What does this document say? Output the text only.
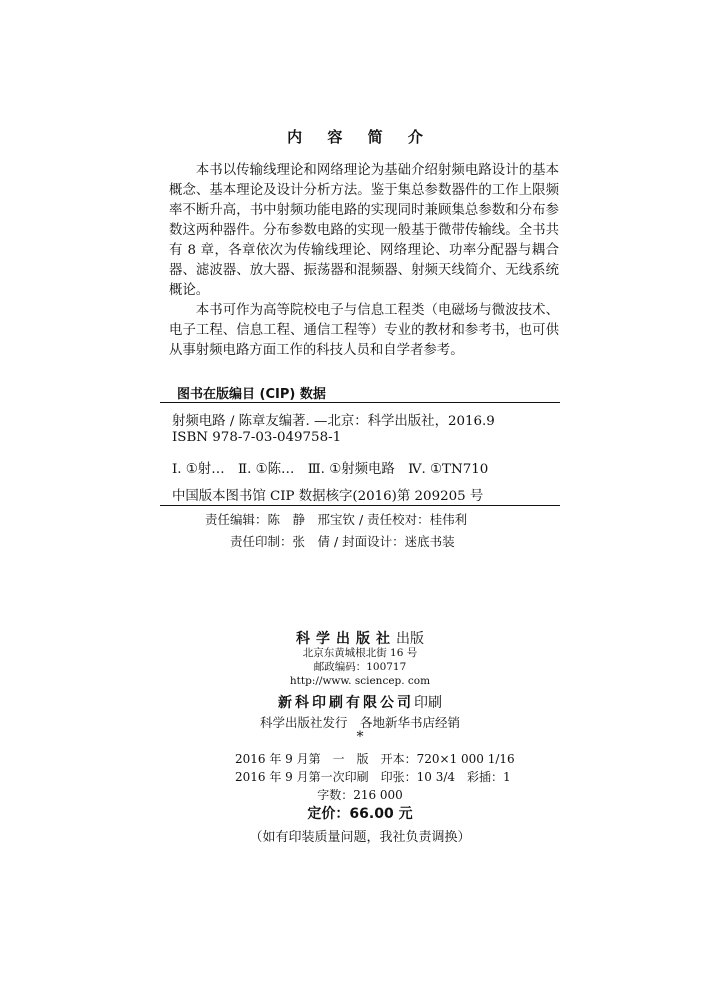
内 容 简 介

本书以传输线理论和网络理论为基础介绍射频电路设计的基本概念、基本理论及设计分析方法。鉴于集总参数器件的工作上限频率不断升高，书中射频功能电路的实现同时兼顾集总参数和分布参数这两种器件。分布参数电路的实现一般基于微带传输线。全书共有 8 章，各章依次为传输线理论、网络理论、功率分配器与耦合器、滤波器、放大器、振荡器和混频器、射频天线简介、无线系统概论。

本书可作为高等院校电子与信息工程类（电磁场与微波技术、电子工程、信息工程、通信工程等）专业的教材和参考书，也可供从事射频电路方面工作的科技人员和自学者参考。

图书在版编目 (CIP) 数据
射频电路 / 陈章友编著. —北京：科学出版社，2016.9
ISBN 978-7-03-049758-1
Ⅰ. ①射…　Ⅱ. ①陈…　Ⅲ. ①射频电路　Ⅳ. ①TN710
中国版本图书馆 CIP 数据核字(2016)第 209205 号
责任编辑：陈　静　邢宝钦 / 责任校对：桂伟利
责任印制：张　倩 / 封面设计：迷底书装
科学出版社出版
北京东黄城根北街 16 号
邮政编码：100717
http://www. sciencep. com
新科印刷有限公司印刷
科学出版社发行　各地新华书店经销
*
2016 年 9 月第　一　版　开本：720×1 000 1/16
2016 年 9 月第一次印刷　印张：10 3/4　彩插：1
字数：216 000
定价：66.00 元
（如有印装质量问题，我社负责调换）
